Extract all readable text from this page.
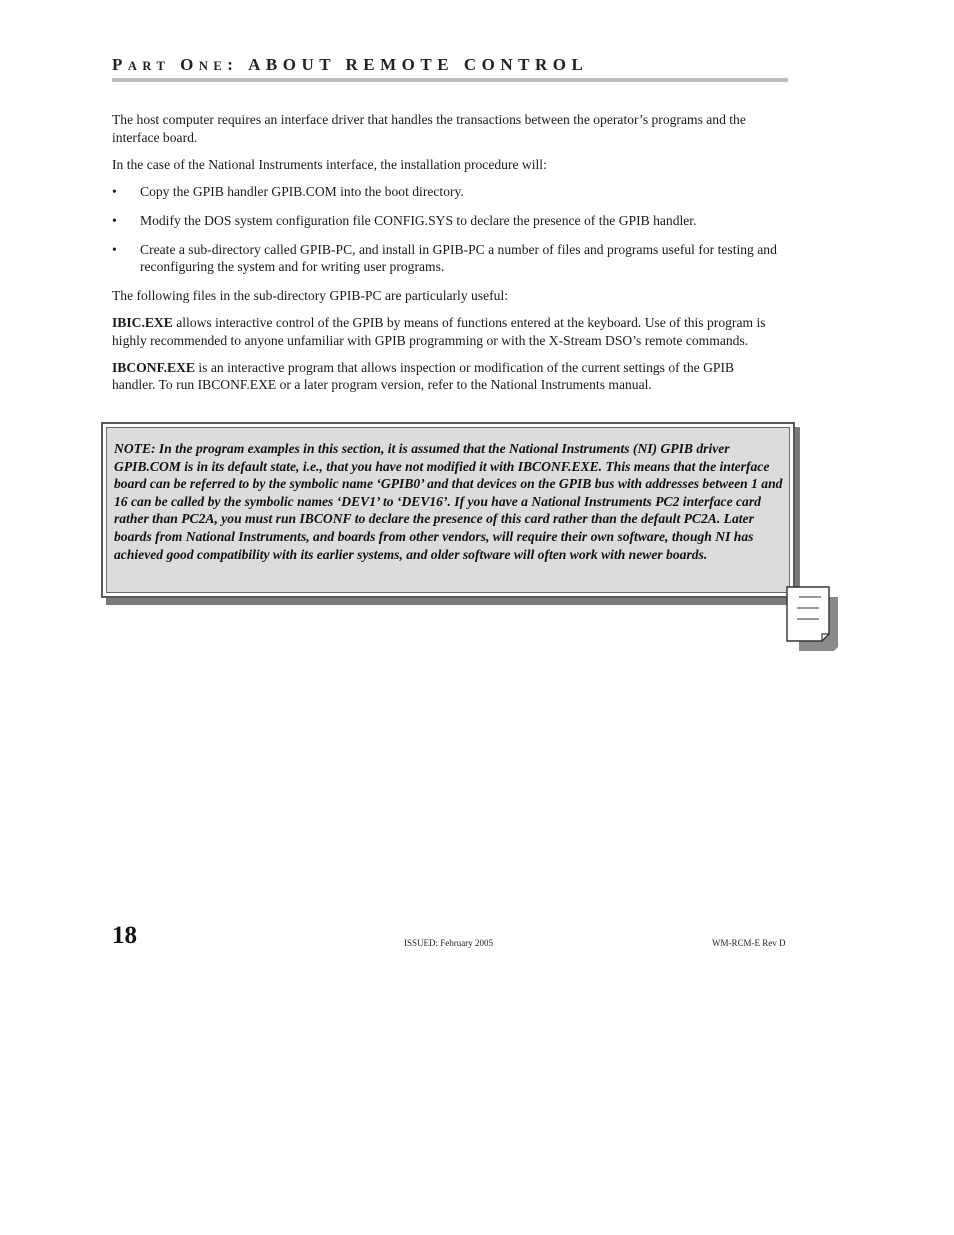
PART ONE: ABOUT REMOTE CONTROL

The host computer requires an interface driver that handles the transactions between the operator’s programs and the interface board.

In the case of the National Instruments interface, the installation procedure will:

• Copy the GPIB handler GPIB.COM into the boot directory.
• Modify the DOS system configuration file CONFIG.SYS to declare the presence of the GPIB handler.
• Create a sub-directory called GPIB-PC, and install in GPIB-PC a number of files and programs useful for testing and reconfiguring the system and for writing user programs.

The following files in the sub-directory GPIB-PC are particularly useful:

IBIC.EXE allows interactive control of the GPIB by means of functions entered at the keyboard. Use of this program is highly recommended to anyone unfamiliar with GPIB programming or with the X-Stream DSO’s remote commands.

IBCONF.EXE is an interactive program that allows inspection or modification of the current settings of the GPIB handler. To run IBCONF.EXE or a later program version, refer to the National Instruments manual.

NOTE: In the program examples in this section, it is assumed that the National Instruments (NI) GPIB driver GPIB.COM is in its default state, i.e., that you have not modified it with IBCONF.EXE. This means that the interface board can be referred to by the symbolic name ‘GPIB0’ and that devices on the GPIB bus with addresses between 1 and 16 can be called by the symbolic names ‘DEV1’ to ‘DEV16’. If you have a National Instruments PC2 interface card rather than PC2A, you must run IBCONF to declare the presence of this card rather than the default PC2A. Later boards from National Instruments, and boards from other vendors, will require their own software, though NI has achieved good compatibility with its earlier systems, and older software will often work with newer boards.

18	ISSUED: February 2005	WM-RCM-E Rev D
